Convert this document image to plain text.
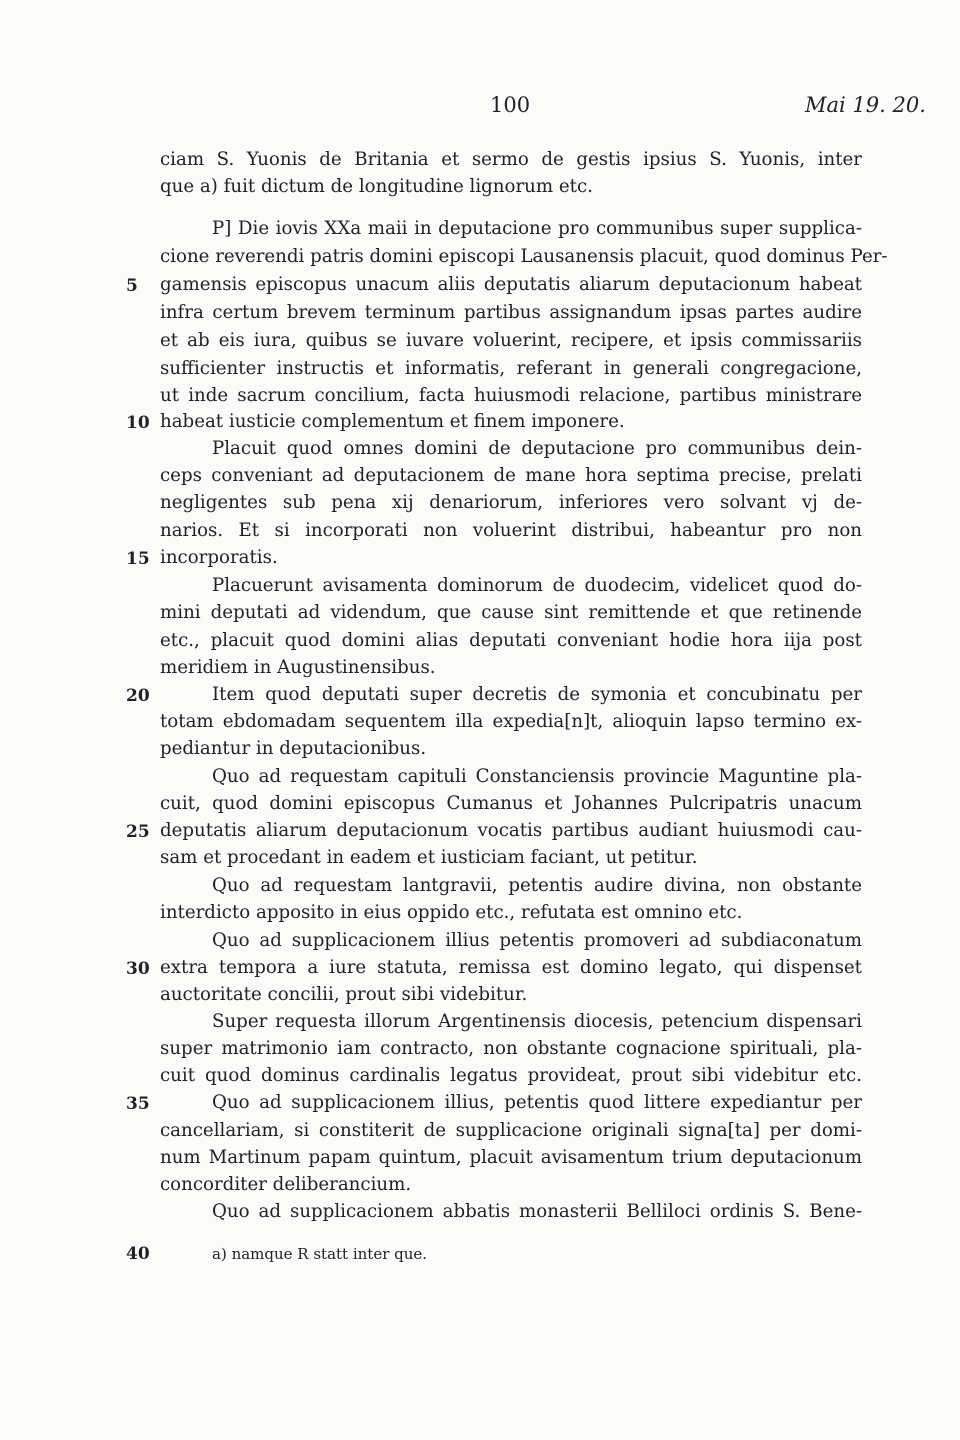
100	Mai 19. 20.
ciam S. Yuonis de Britania et sermo de gestis ipsius S. Yuonis, inter
que a) fuit dictum de longitudine lignorum etc.
P] Die iovis XXa maii in deputacione pro communibus super supplica-
cione reverendi patris domini episcopi Lausanensis placuit, quod dominus Per-
gamensis episcopus unacum aliis deputatis aliarum deputacionum habeat
infra certum brevem terminum partibus assignandum ipsas partes audire
et ab eis iura, quibus se iuvare voluerint, recipere, et ipsis commissariis
sufficienter instructis et informatis, referant in generali congregacione,
ut inde sacrum concilium, facta huiusmodi relacione, partibus ministrare
habeat iusticie complementum et finem imponere.
Placuit quod omnes domini de deputacione pro communibus dein-
ceps conveniant ad deputacionem de mane hora septima precise, prelati
negligentes sub pena xij denariorum, inferiores vero solvant vj de-
narios. Et si incorporati non voluerint distribui, habeantur pro non
incorporatis.
Placuerunt avisamenta dominorum de duodecim, videlicet quod do-
mini deputati ad videndum, que cause sint remittende et que retinende
etc., placuit quod domini alias deputati conveniant hodie hora iija post
meridiem in Augustinensibus.
Item quod deputati super decretis de symonia et concubinatu per
totam ebdomadam sequentem illa expedia[n]t, alioquin lapso termino ex-
pediantur in deputacionibus.
Quo ad requestam capituli Constanciensis provincie Maguntine pla-
cuit, quod domini episcopus Cumanus et Johannes Pulcripatris unacum
deputatis aliarum deputacionum vocatis partibus audiant huiusmodi cau-
sam et procedant in eadem et iusticiam faciant, ut petitur.
Quo ad requestam lantgravii, petentis audire divina, non obstante
interdicto apposito in eius oppido etc., refutata est omnino etc.
Quo ad supplicacionem illius petentis promoveri ad subdiaconatum
extra tempora a iure statuta, remissa est domino legato, qui dispenset
auctoritate concilii, prout sibi videbitur.
Super requesta illorum Argentinensis diocesis, petencium dispensari
super matrimonio iam contracto, non obstante cognacione spirituali, pla-
cuit quod dominus cardinalis legatus provideat, prout sibi videbitur etc.
Quo ad supplicacionem illius, petentis quod littere expediantur per
cancellariam, si constiterit de supplicacione originali signa[ta] per domi-
num Martinum papam quintum, placuit avisamentum trium deputacionum
concorditer deliberancium.
Quo ad supplicacionem abbatis monasterii Belliloci ordinis S. Bene-
5
10
15
20
25
30
35
40	a) namque R statt inter que.
